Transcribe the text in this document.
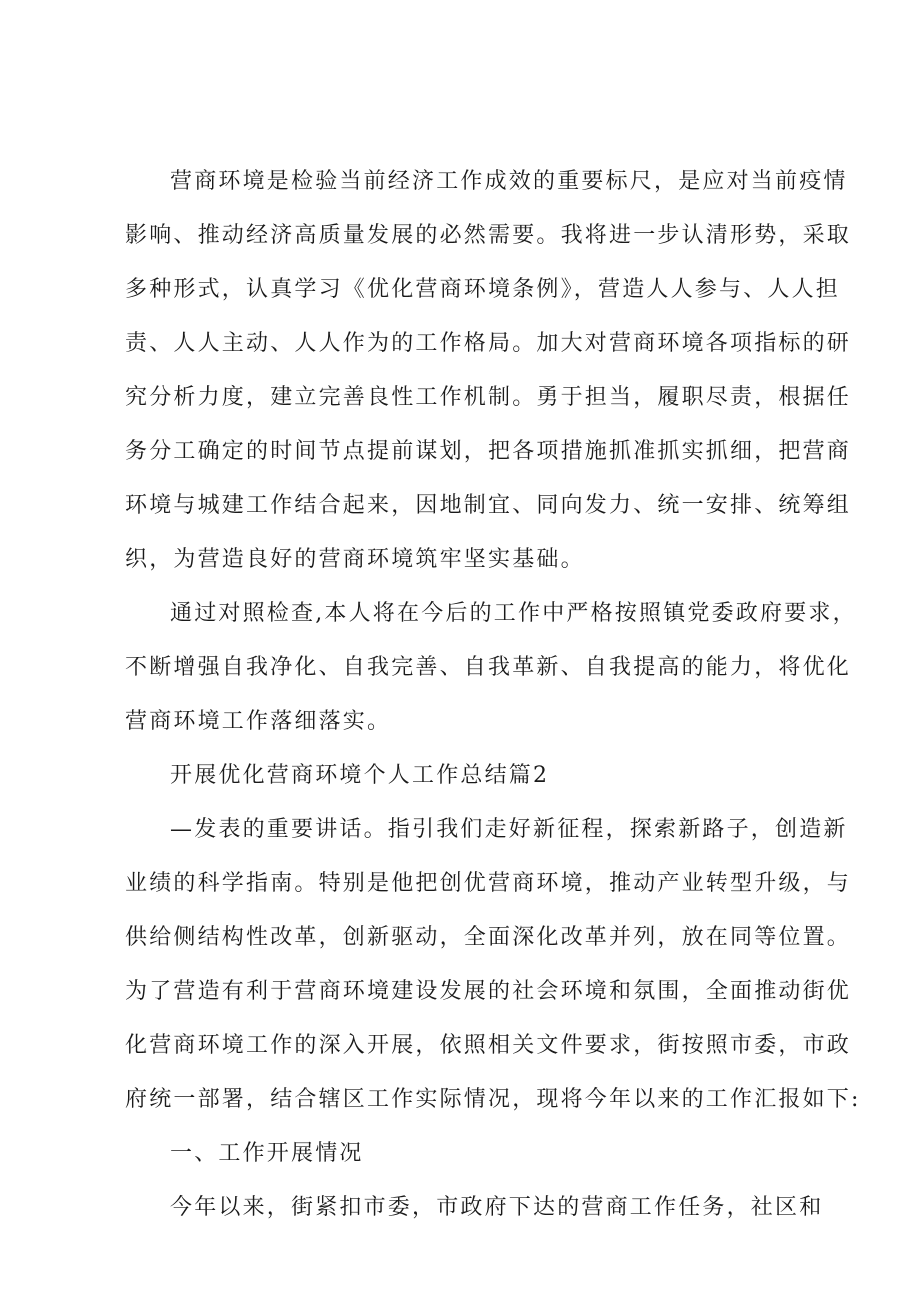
营商环境是检验当前经济工作成效的重要标尺，是应对当前疫情
影响、推动经济高质量发展的必然需要。我将进一步认清形势，采取
多种形式，认真学习《优化营商环境条例》，营造人人参与、人人担
责、人人主动、人人作为的工作格局。加大对营商环境各项指标的研
究分析力度，建立完善良性工作机制。勇于担当，履职尽责，根据任
务分工确定的时间节点提前谋划，把各项措施抓准抓实抓细，把营商
环境与城建工作结合起来，因地制宜、同向发力、统一安排、统筹组
织，为营造良好的营商环境筑牢坚实基础。
通过对照检查,本人将在今后的工作中严格按照镇党委政府要求，
不断增强自我净化、自我完善、自我革新、自我提高的能力，将优化
营商环境工作落细落实。
开展优化营商环境个人工作总结篇2
—发表的重要讲话。指引我们走好新征程，探索新路子，创造新
业绩的科学指南。特别是他把创优营商环境，推动产业转型升级，与
供给侧结构性改革，创新驱动，全面深化改革并列，放在同等位置。
为了营造有利于营商环境建设发展的社会环境和氛围，全面推动街优
化营商环境工作的深入开展，依照相关文件要求，街按照市委，市政
府统一部署，结合辖区工作实际情况，现将今年以来的工作汇报如下:
一、工作开展情况
今年以来，街紧扣市委，市政府下达的营商工作任务，社区和
